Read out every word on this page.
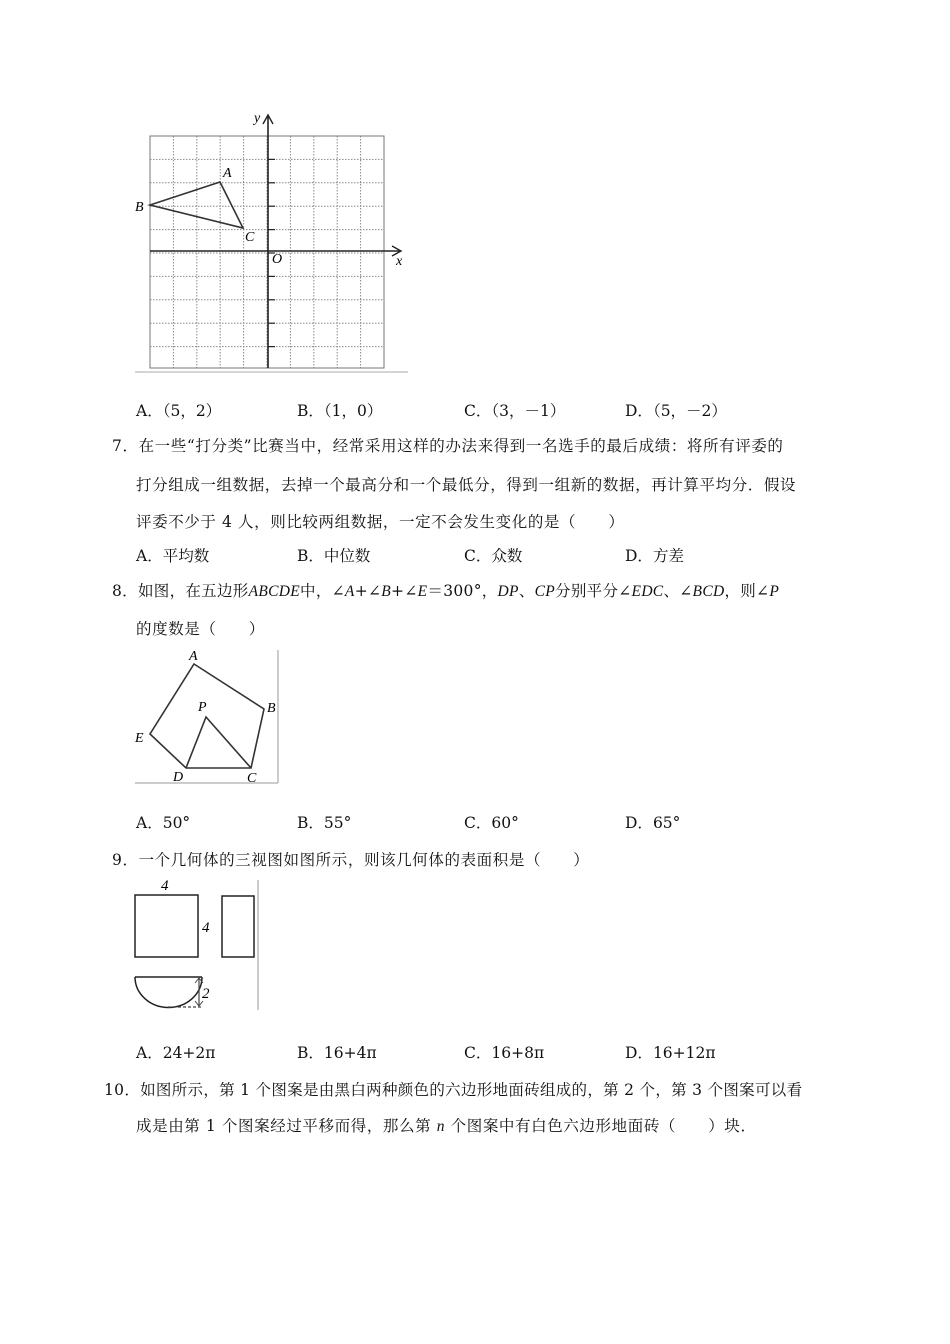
x
y
O
A
B
C
A．（5，2）	B．（1，0）	C．（3，－1）	D．（5，－2）
7．在一些“打分类”比赛当中，经常采用这样的办法来得到一名选手的最后成绩：将所有评委的
打分组成一组数据，去掉一个最高分和一个最低分，得到一组新的数据，再计算平均分．假设
评委不少于 4 人，则比较两组数据，一定不会发生变化的是（　　）
A．平均数	B．中位数	C．众数	D．方差
8．如图，在五边形ABCDE中，∠A+∠B+∠E＝300°，DP、CP分别平分∠EDC、∠BCD，则∠P
的度数是（　　）
A
B
C
D
E
P
A．50°	B．55°	C．60°	D．65°
9．一个几何体的三视图如图所示，则该几何体的表面积是（　　）
4
4
2
A．24+2π	B．16+4π	C．16+8π	D．16+12π
10．如图所示，第 1 个图案是由黑白两种颜色的六边形地面砖组成的，第 2 个，第 3 个图案可以看
成是由第 1 个图案经过平移而得，那么第 n 个图案中有白色六边形地面砖（　　）块．
